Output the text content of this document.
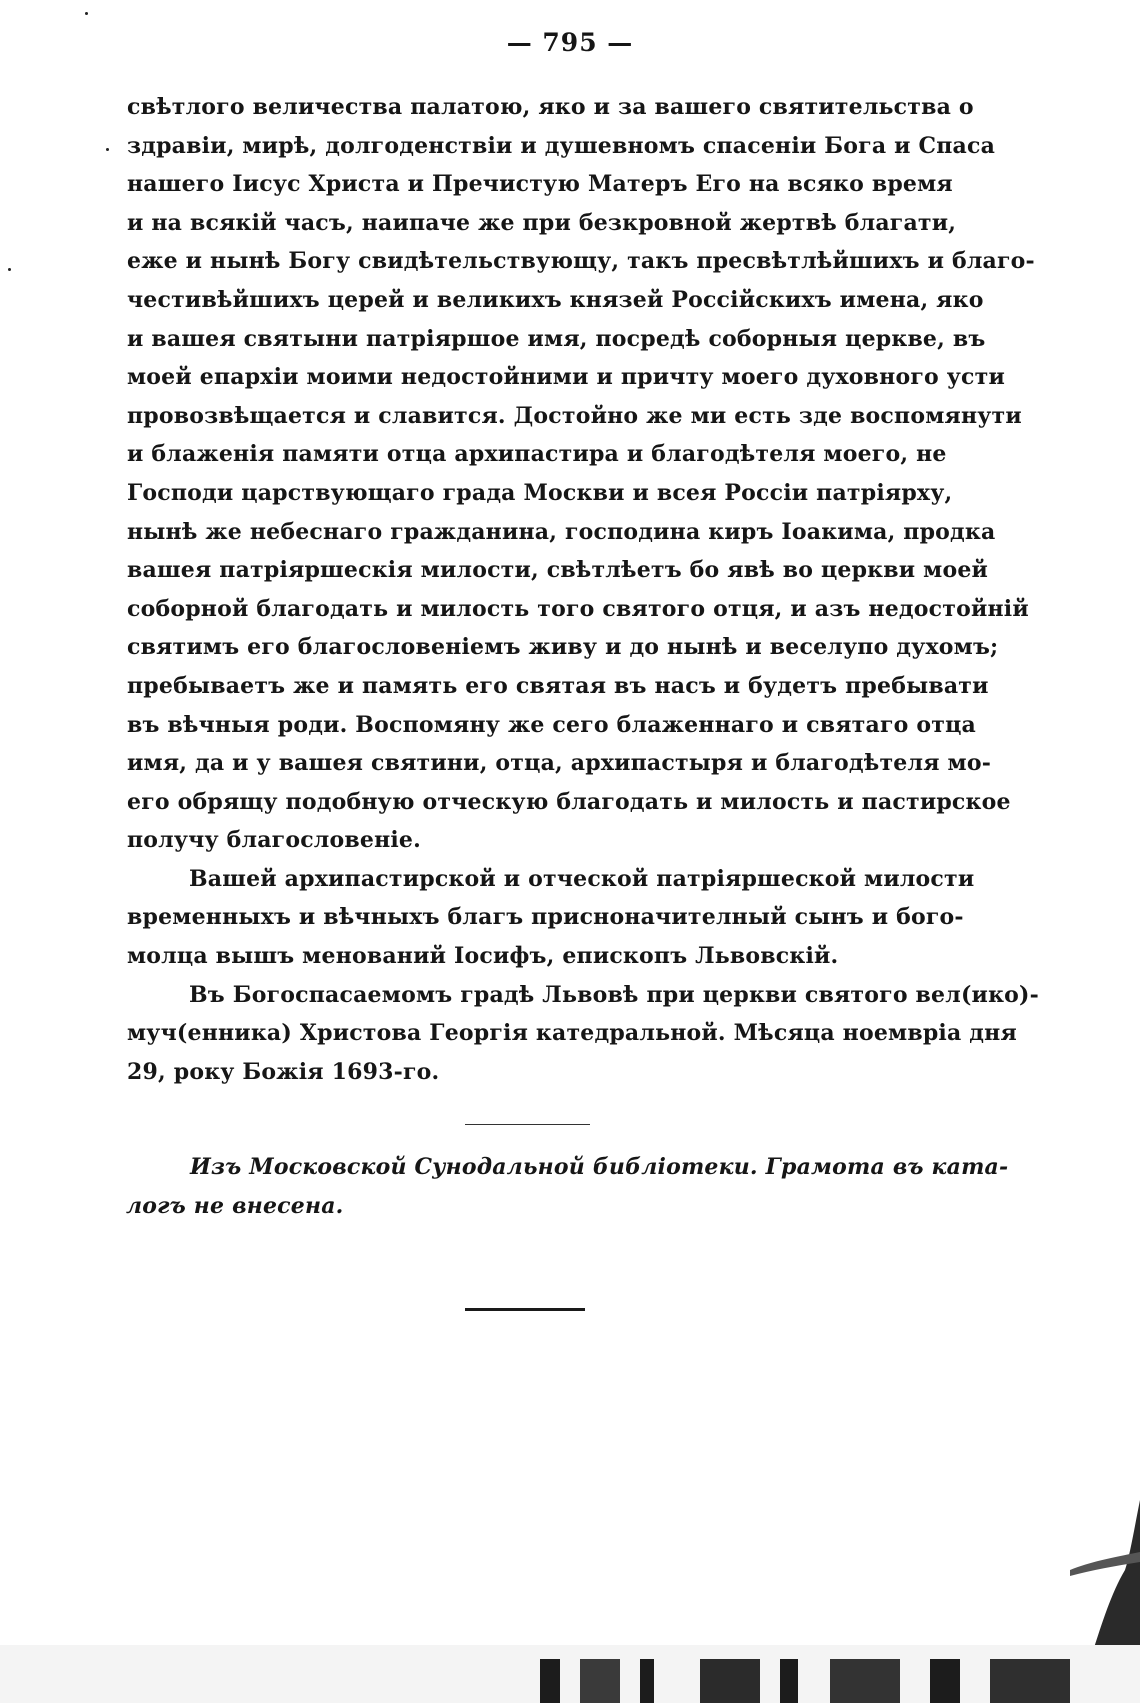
— 795 —
свѣтлого величества палатою, яко и за вашего святительства о
здравіи, мирѣ, долгоденствіи и душевномъ спасеніи Бога и Спаса
нашего Іисус Христа и Пречистую Матеръ Его на всяко время
и на всякій часъ, наипаче же при безкровной жертвѣ благати,
еже и нынѣ Богу свидѣтельствующу, такъ пресвѣтлѣйшихъ и благо-
честивѣйшихъ церей и великихъ князей Россійскихъ имена, яко
и вашея святыни патріяршое имя, посредѣ соборныя церкве, въ
моей епархіи моими недостойними и причту моего духовного усти
провозвѣщается и славится. Достойно же ми есть зде воспомянути
и блаженія памяти отца архипастира и благодѣтеля моего, не
Господи царствующаго града Москви и всея Россіи патріярху,
нынѣ же небеснаго гражданина, господина киръ Іоакима, продка
вашея патріяршескія милости, свѣтлѣетъ бо явѣ во церкви моей
соборной благодать и милость того святого отця, и азъ недостойній
святимъ его благословеніемъ живу и до нынѣ и веселупо духомъ;
пребываетъ же и память его святая въ насъ и будетъ пребывати
въ вѣчныя роди. Воспомяну же сего блаженнаго и святаго отца
имя, да и у вашея святини, отца, архипастыря и благодѣтеля мо-
его обрящу подобную отческую благодать и милость и пастирское
получу благословеніе.
Вашей архипастирской и отческой патріяршеской милости
временныхъ и вѣчныхъ благъ присноначителный сынъ и бого-
молца вышъ менований Іосифъ, епископъ Львовскій.
Въ Богоспасаемомъ градѣ Львовѣ при церкви святого вел(ико)-
муч(енника) Христова Георгія катедральной. Мѣсяца ноемвріа дня
29, року Божія 1693-го.
Изъ Московской Сунодальной библіотеки. Грамота въ ката-
логъ не внесена.
